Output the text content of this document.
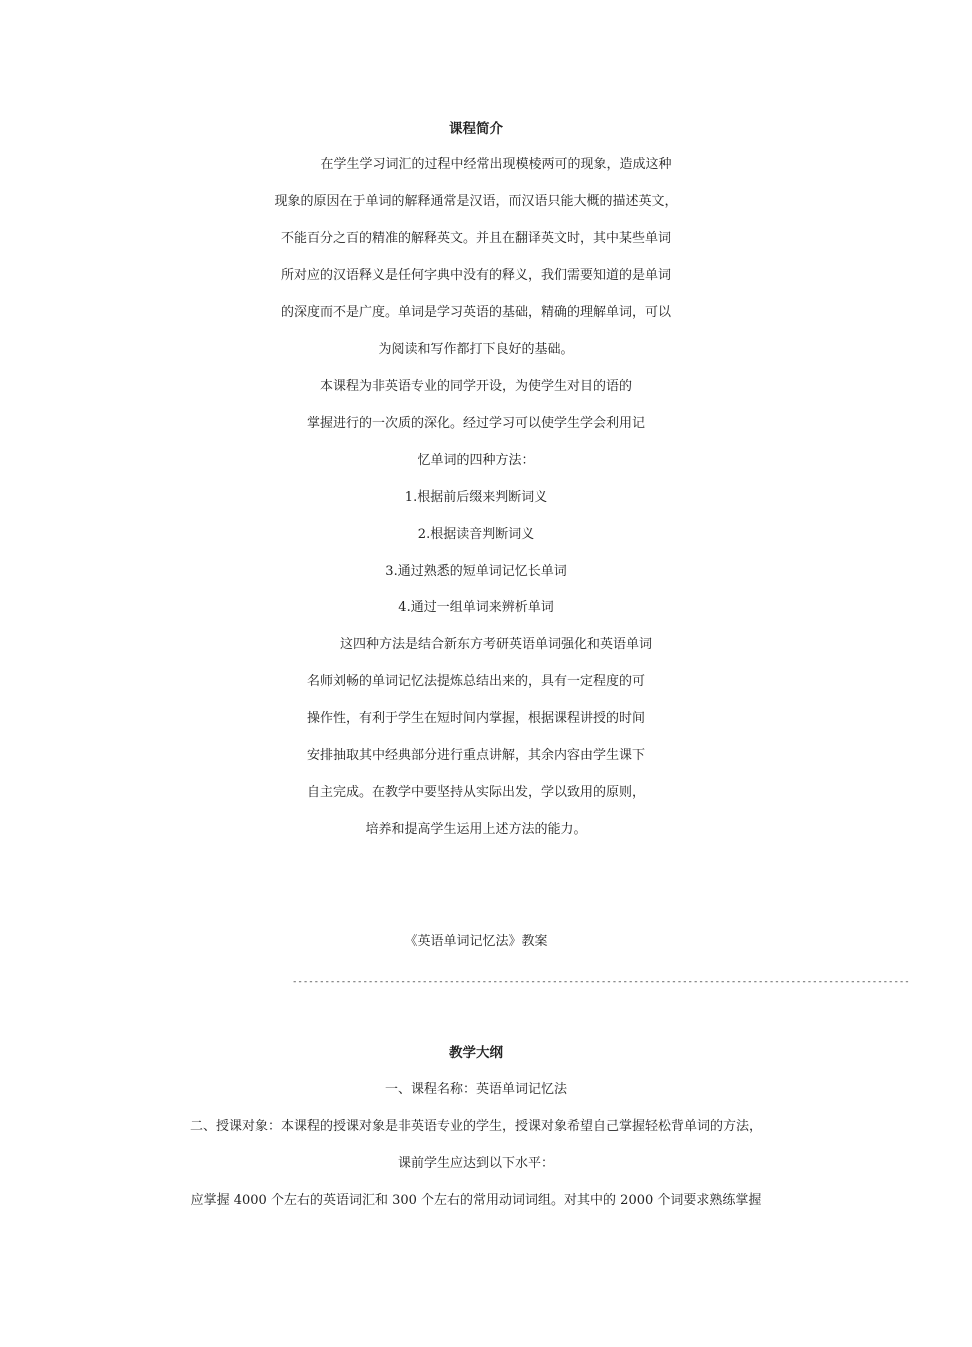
课程简介
在学生学习词汇的过程中经常出现模棱两可的现象，造成这种
现象的原因在于单词的解释通常是汉语，而汉语只能大概的描述英文，
不能百分之百的精准的解释英文。并且在翻译英文时，其中某些单词
所对应的汉语释义是任何字典中没有的释义，我们需要知道的是单词
的深度而不是广度。单词是学习英语的基础，精确的理解单词，可以
为阅读和写作都打下良好的基础。
本课程为非英语专业的同学开设，为使学生对目的语的
掌握进行的一次质的深化。经过学习可以使学生学会利用记
忆单词的四种方法：
1.根据前后缀来判断词义
2.根据读音判断词义
3.通过熟悉的短单词记忆长单词
4.通过一组单词来辨析单词
这四种方法是结合新东方考研英语单词强化和英语单词
名师刘畅的单词记忆法提炼总结出来的，具有一定程度的可
操作性，有利于学生在短时间内掌握，根据课程讲授的时间
安排抽取其中经典部分进行重点讲解，其余内容由学生课下
自主完成。在教学中要坚持从实际出发，学以致用的原则，
培养和提高学生运用上述方法的能力。
《英语单词记忆法》教案
------------------------------------------------------------------------------------------------------------------
教学大纲
一、课程名称：英语单词记忆法
二、授课对象：本课程的授课对象是非英语专业的学生，授课对象希望自己掌握轻松背单词的方法，
课前学生应达到以下水平：
应掌握 4000 个左右的英语词汇和 300 个左右的常用动词词组。对其中的 2000 个词要求熟练掌握
